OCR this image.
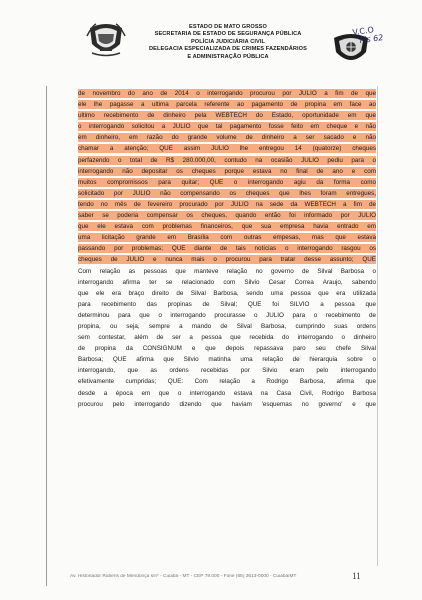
ESTADO DE MATO GROSSO
SECRETARIA DE ESTADO DE SEGURANÇA PÚBLICA
POLÍCIA JUDICIÁRIA CIVIL
DELEGACIA ESPECIALIZADA DE CRIMES FAZENDÁRIOS
E ADMINISTRAÇÃO PÚBLICA
V.C.O
Fls 62
de novembro do ano de 2014 o interrogando procurou por JULIO a fim de que
ele lhe pagasse a ultima parcela referente ao pagamento de propina em face ao
ultimo recebimento de dinheiro pela WEBTECH do Estado, oportunidade em que
o interrogando solicitou a JULIO que tal pagamento fosse feito em cheque e não
em dinheiro, em razão do grande volume de dinheiro a ser sacado e não
chamar a atenção; QUE assim JULIO lhe entregou 14 (quatorze) cheques
perfazendo o total de R$ 280.000,00, contudo na ocasião JULIO pediu para o
interrogando não depositar os cheques porque estava no final de ano e com
muitos compromissos para quitar; QUE o interrogando agiu da forma como
solicitado por JULIO não compensando os cheques que lhes foram entregues,
tendo no mês de fevereiro procurado por JULIO na sede da WEBTECH a fim de
saber se poderia compensar os cheques, quando então foi informado por JULIO
que ele estava com problemas financeiros, que sua empresa havia entrado em
uma licitação grande em Brasília com outras empesas, mas que estava
passando por problemas; QUE diante de tais notícias o interrogando rasgou os
cheques de JULIO e nunca mais o procurou para tratar desse assunto; QUE
Com relação as pessoas que manteve relação no governo de Silval Barbosa o
interrogando afirma ter se relacionado com Silvio Cesar Correa Araujo, sabendo
que ele era braço direito de Silval Barbosa, sendo uma pessoa que era utilizada
para recebimento das propinas de Silval; QUE foi SILVIO a pessoa que
determinou para que o interrogando procurasse o JULIO para o recebimento de
propina, ou seja, sempre a mando de Silval Barbosa, cumprindo suas ordens
sem contestar, além de ser a pessoa que recebida do interrogando o dinheiro
de propina da CONSIGNUM e que depois repassava paro seu chefe Silval
Barbosa; QUE afirma que Silvio matinha uma relação de hierarquia sobre o
interrogando, que as ordens recebidas por Silvio eram pelo interrogando
efetivamente cumpridas; QUE: Com relação a Rodrigo Barbosa, afirma que
desde a época em que o interrogando estava na Casa Civil, Rodrigo Barbosa
procurou pelo interrogando dizendo que haviam 'esquemas no governo' e que
Av. Historiador Rubens de Mendonça s/nº - Cuiabá - MT - CEP 78.000 - Fone (65) 3613-0000 - Cuiabá/MT	11
